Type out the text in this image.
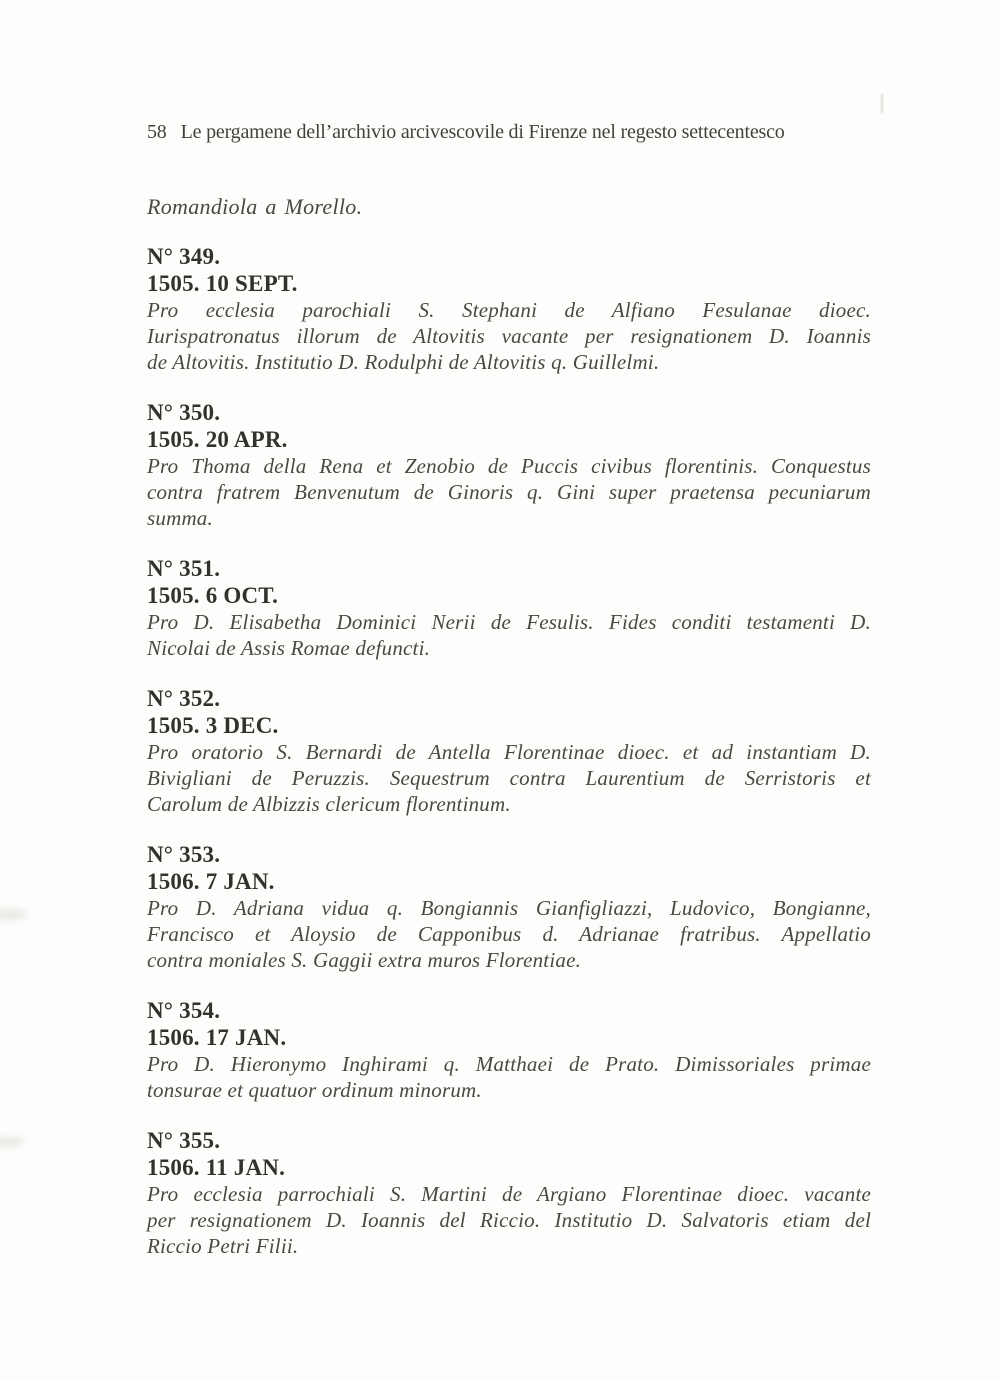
58 Le pergamene dell’archivio arcivescovile di Firenze nel regesto settecentesco
Romandiola a Morello.
N° 349.
1505. 10 SEPT.
Pro ecclesia parochiali S. Stephani de Alfiano Fesulanae dioec.
Iurispatronatus illorum de Altovitis vacante per resignationem D. Ioannis
de Altovitis. Institutio D. Rodulphi de Altovitis q. Guillelmi.
N° 350.
1505. 20 APR.
Pro Thoma della Rena et Zenobio de Puccis civibus florentinis. Conquestus
contra fratrem Benvenutum de Ginoris q. Gini super praetensa pecuniarum
summa.
N° 351.
1505. 6 OCT.
Pro D. Elisabetha Dominici Nerii de Fesulis. Fides conditi testamenti D.
Nicolai de Assis Romae defuncti.
N° 352.
1505. 3 DEC.
Pro oratorio S. Bernardi de Antella Florentinae dioec. et ad instantiam D.
Bivigliani de Peruzzis. Sequestrum contra Laurentium de Serristoris et
Carolum de Albizzis clericum florentinum.
N° 353.
1506. 7 JAN.
Pro D. Adriana vidua q. Bongiannis Gianfigliazzi, Ludovico, Bongianne,
Francisco et Aloysio de Capponibus d. Adrianae fratribus. Appellatio
contra moniales S. Gaggii extra muros Florentiae.
N° 354.
1506. 17 JAN.
Pro D. Hieronymo Inghirami q. Matthaei de Prato. Dimissoriales primae
tonsurae et quatuor ordinum minorum.
N° 355.
1506. 11 JAN.
Pro ecclesia parrochiali S. Martini de Argiano Florentinae dioec. vacante
per resignationem D. Ioannis del Riccio. Institutio D. Salvatoris etiam del
Riccio Petri Filii.
